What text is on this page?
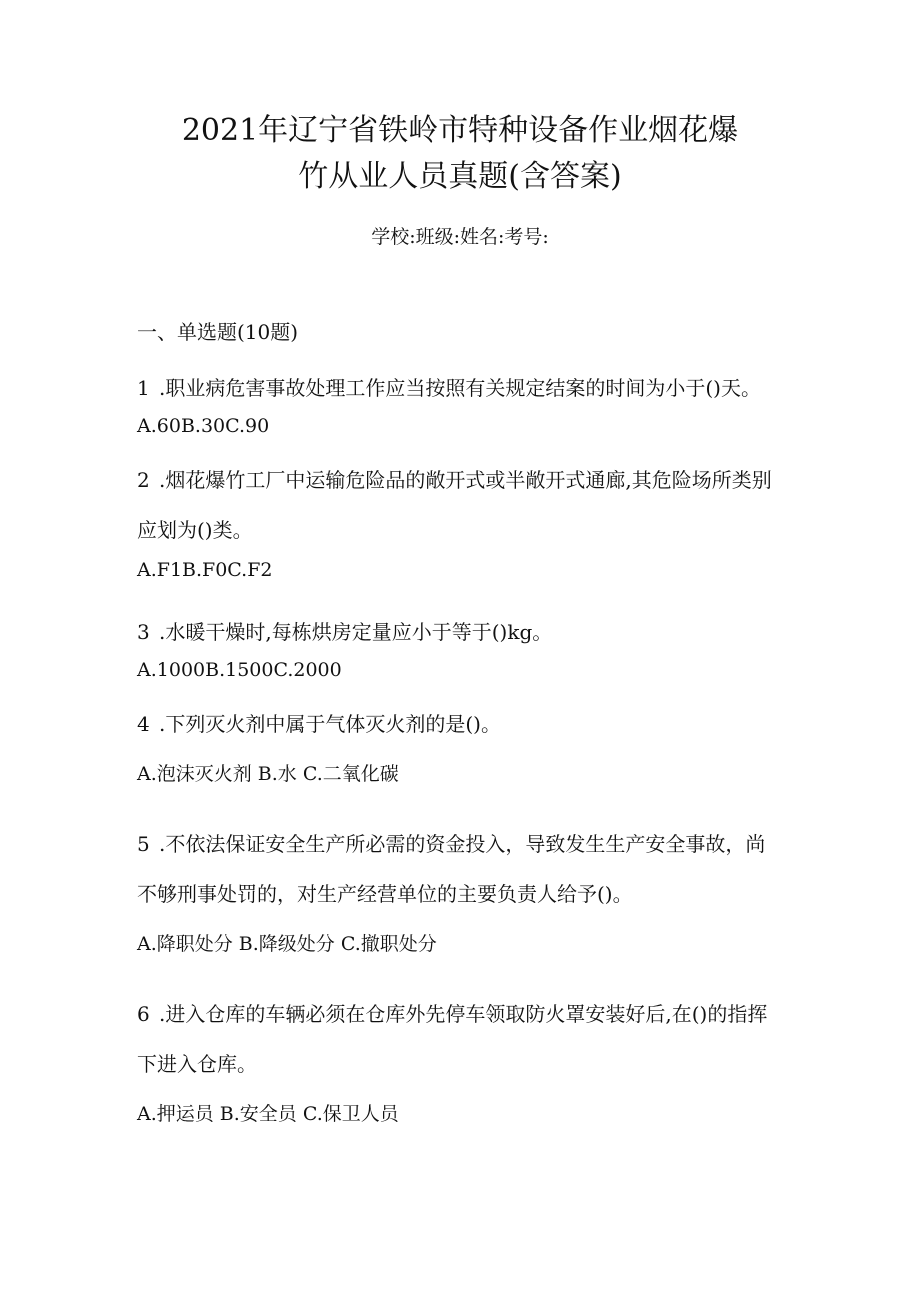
2021年辽宁省铁岭市特种设备作业烟花爆
竹从业人员真题(含答案)
学校:班级:姓名:考号:
一、单选题(10题)
1 .职业病危害事故处理工作应当按照有关规定结案的时间为小于()天。
A.60B.30C.90
2 .烟花爆竹工厂中运输危险品的敞开式或半敞开式通廊,其危险场所类别
应划为()类。
A.F1B.F0C.F2
3 .水暖干燥时,每栋烘房定量应小于等于()kg。
A.1000B.1500C.2000
4 .下列灭火剂中属于气体灭火剂的是()。
A.泡沫灭火剂 B.水 C.二氧化碳
5 .不依法保证安全生产所必需的资金投入，导致发生生产安全事故，尚
不够刑事处罚的，对生产经营单位的主要负责人给予()。
A.降职处分 B.降级处分 C.撤职处分
6 .进入仓库的车辆必须在仓库外先停车领取防火罩安装好后,在()的指挥
下进入仓库。
A.押运员 B.安全员 C.保卫人员
